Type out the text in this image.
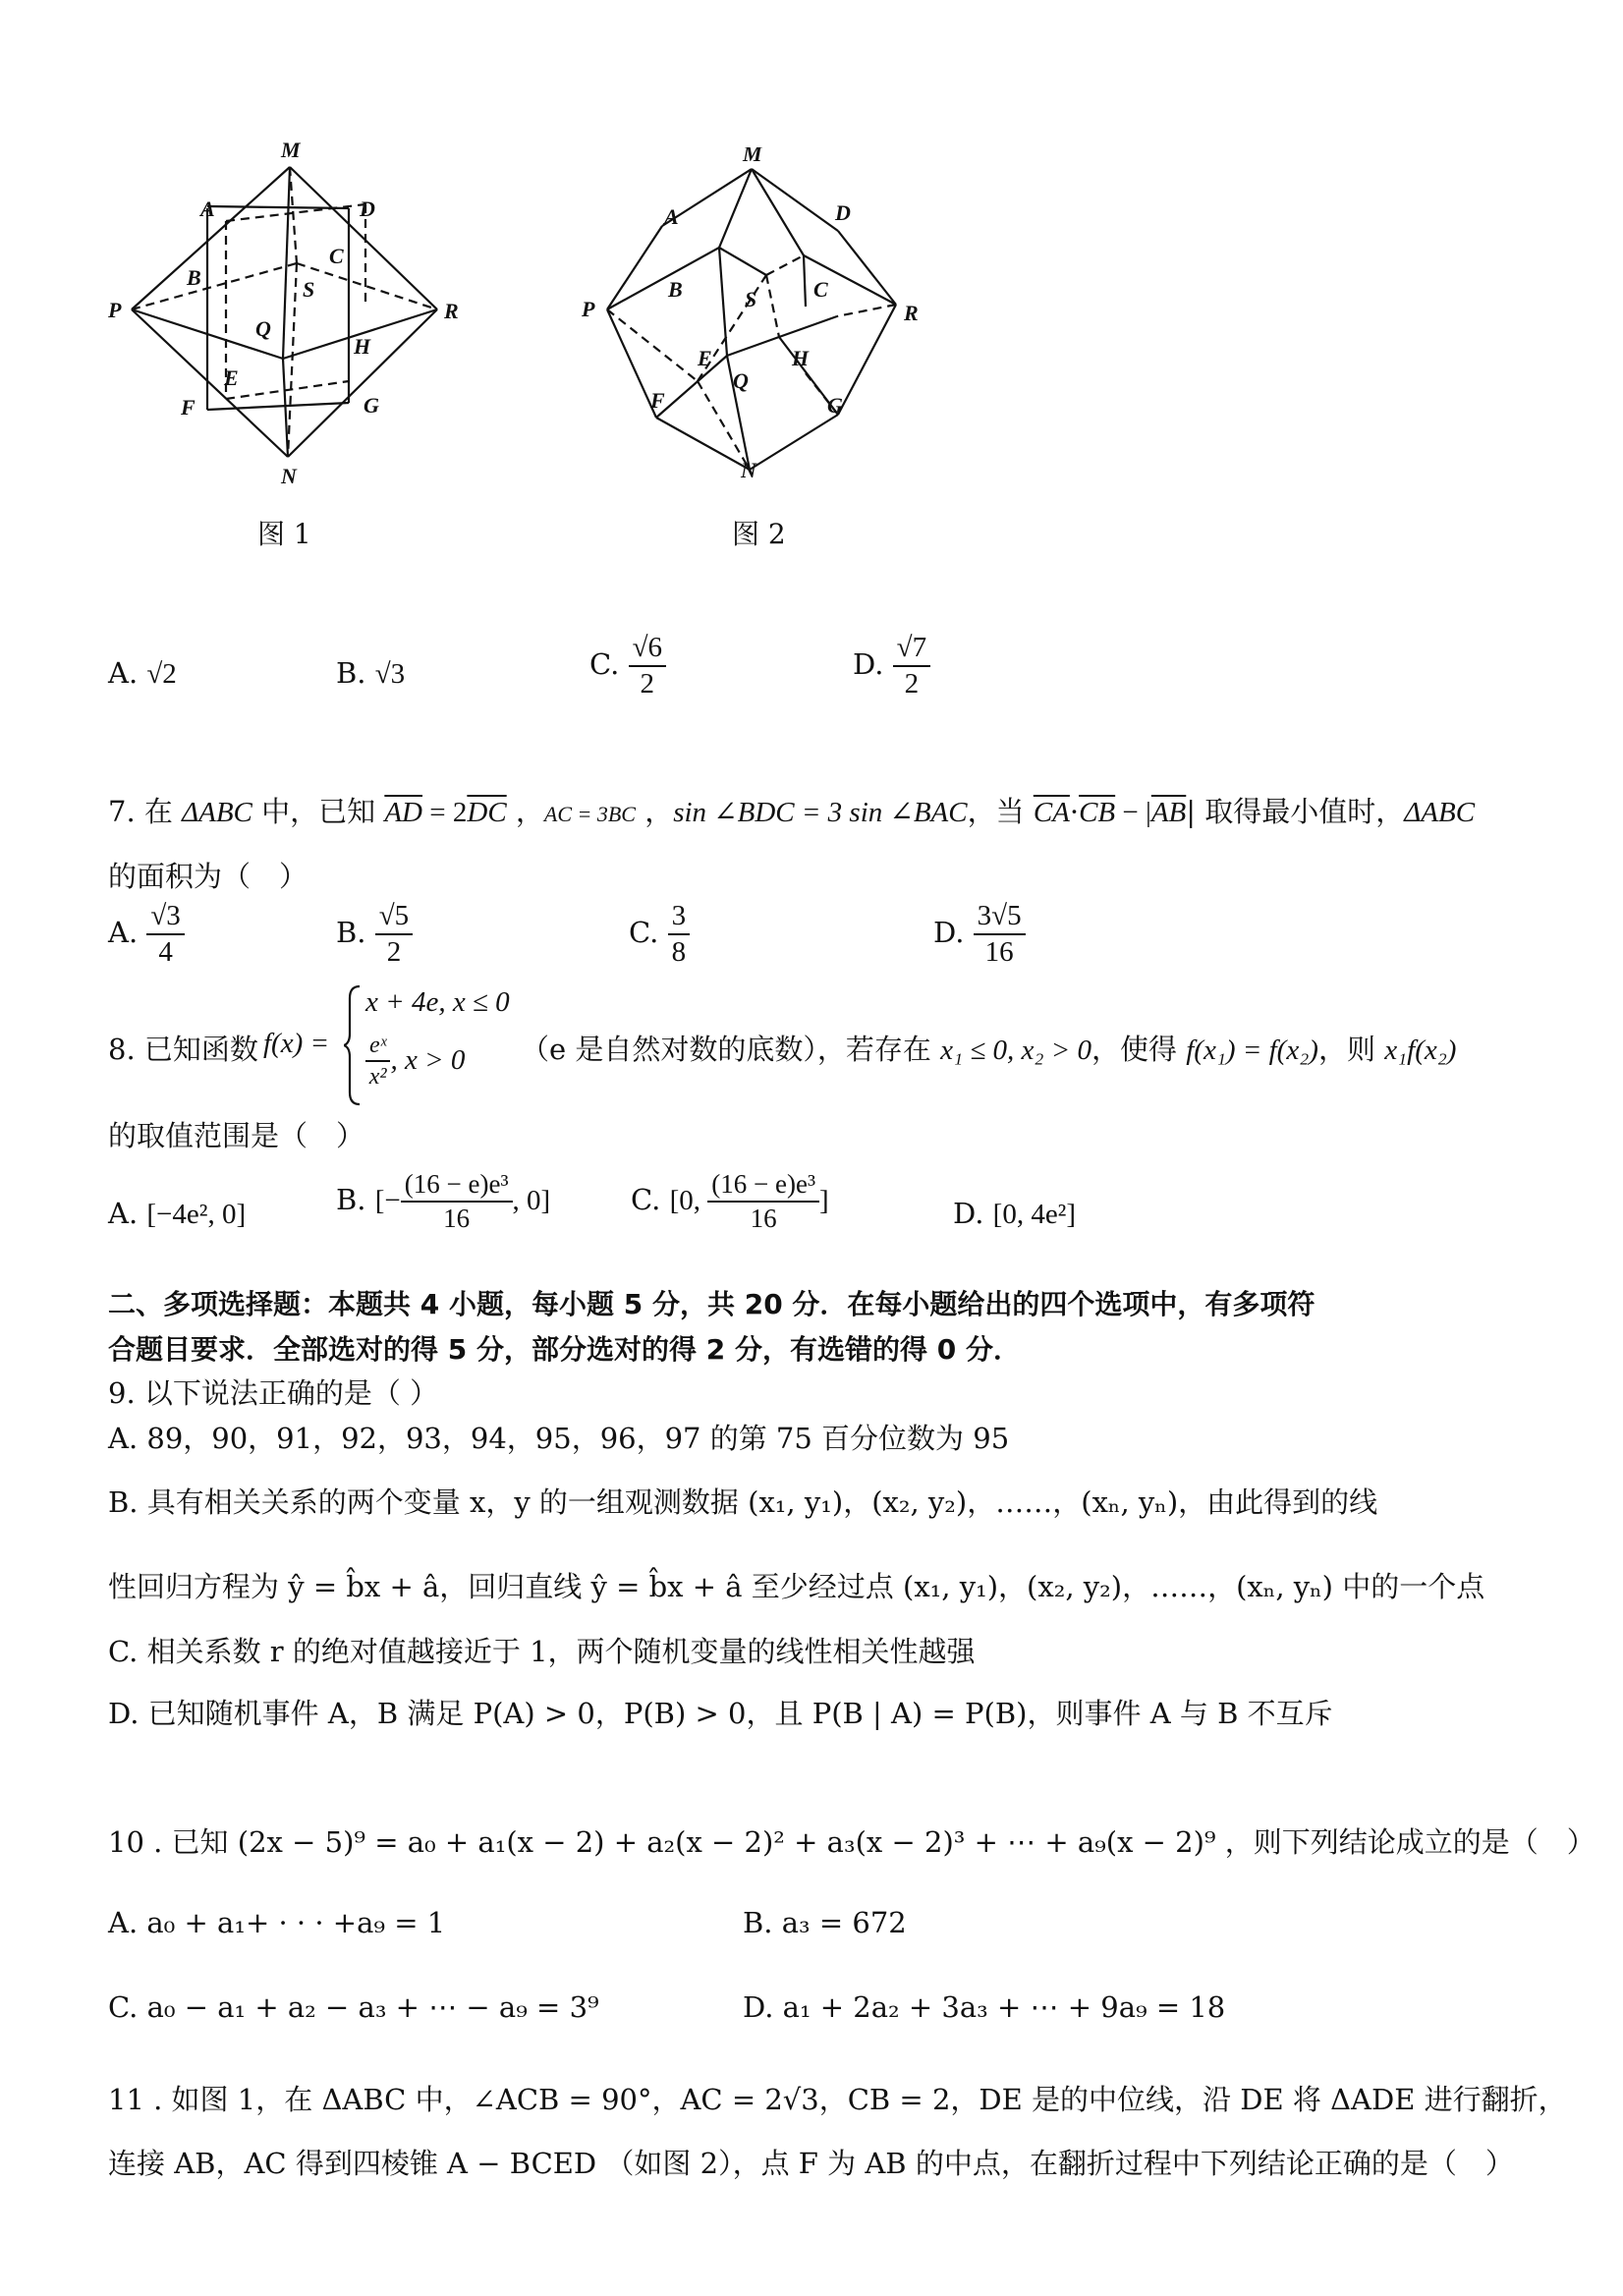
M
A	D
B
C
S
P	R
Q
H
E
F	G
N
图 1
M
A	D
B	C
S
P	R
E	H
Q
F	G
N
图 2
A. √2	B. √3	C. $\frac{√6}{2}$	D. $\frac{√7}{2}$
7. 在 ΔABC 中，已知 $\overline{AD} = 2\overline{DC}$ ，AC = 3BC ，sin ∠BDC = 3 sin ∠BAC，当 $\overline{CA}\cdot\overline{CB} - |\overline{AB}|$ 取得最小值时，ΔABC
的面积为（　）
A. $\frac{√3}{4}$	B. $\frac{√5}{2}$	C. $\frac{3}{8}$	D. $\frac{3√5}{16}$
8. 已知函数 f(x) =
x + 4e, x ≤ 0
$\frac{\text{eˣ}}{\text{x²}}$ , x > 0 （e 是自然对数的底数），若存在 x₁ ≤ 0, x₂ > 0，使得 f(x₁) = f(x₂)，则 x₁f(x₂)
的取值范围是（　）
A. [−4e², 0]	B. [− $\frac{\text{(16 − e)e³}}{16}$ , 0]	C. [0, $\frac{\text{(16 − e)e³}}{16}$ ]	D. [0, 4e²]
二、多项选择题：本题共 4 小题，每小题 5 分，共 20 分．在每小题给出的四个选项中，有多项符
合题目要求．全部选对的得 5 分，部分选对的得 2 分，有选错的得 0 分．
9. 以下说法正确的是（ ）
A. 89，90，91，92，93，94，95，96，97 的第 75 百分位数为 95
B. 具有相关关系的两个变量 x，y 的一组观测数据 (x₁, y₁)，(x₂, y₂)，……，(xₙ, yₙ)，由此得到的线
性回归方程为 ŷ = b̂x + â，回归直线 ŷ = b̂x + â 至少经过点 (x₁, y₁)，(x₂, y₂)，……，(xₙ, yₙ) 中的一个点
C. 相关系数 r 的绝对值越接近于 1，两个随机变量的线性相关性越强
D. 已知随机事件 A，B 满足 P(A) > 0，P(B) > 0，且 P(B | A) = P(B)，则事件 A 与 B 不互斥
10 . 已知 (2x − 5)⁹ = a₀ + a₁(x − 2) + a₂(x − 2)² + a₃(x − 2)³ + ⋯ + a₉(x − 2)⁹ ，则下列结论成立的是（　）
A. a₀ + a₁+ · · · +a₉ = 1	B. a₃ = 672
C. a₀ − a₁ + a₂ − a₃ + ⋯ − a₉ = 3⁹	D. a₁ + 2a₂ + 3a₃ + ⋯ + 9a₉ = 18
11 . 如图 1，在 ΔABC 中，∠ACB = 90°，AC = 2√3，CB = 2，DE 是的中位线，沿 DE 将 ΔADE 进行翻折，
连接 AB，AC 得到四棱锥 A − BCED （如图 2），点 F 为 AB 的中点，在翻折过程中下列结论正确的是（　）
